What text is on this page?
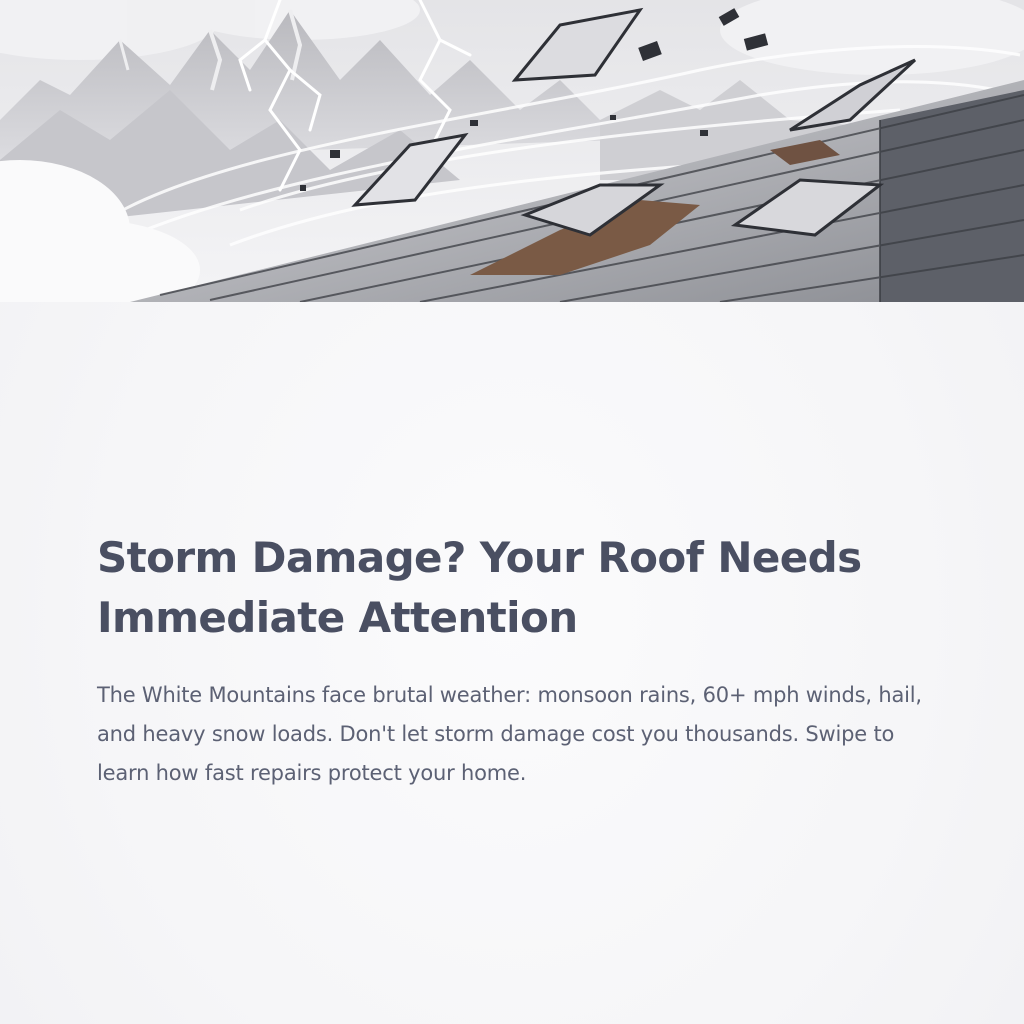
Storm Damage? Your Roof Needs Immediate Attention

The White Mountains face brutal weather: monsoon rains, 60+ mph winds, hail, and heavy snow loads. Don't let storm damage cost you thousands. Swipe to learn how fast repairs protect your home.
